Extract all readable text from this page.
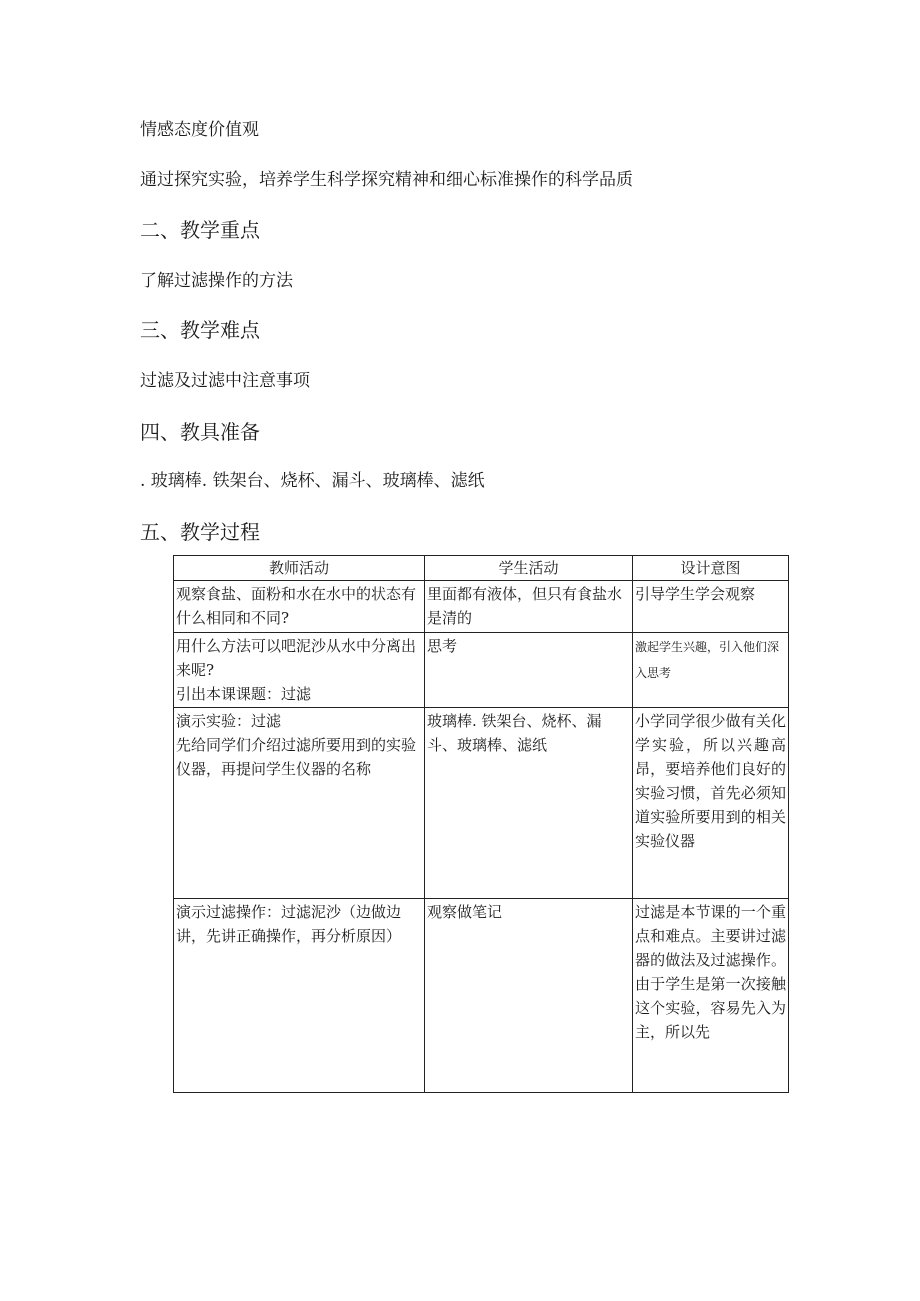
情感态度价值观
通过探究实验，培养学生科学探究精神和细心标准操作的科学品质
二、教学重点
了解过滤操作的方法
三、教学难点
过滤及过滤中注意事项
四、教具准备
. 玻璃棒. 铁架台、烧杯、漏斗、玻璃棒、滤纸
五、教学过程
教师活动	学生活动	设计意图

观察食盐、面粉和水在水中的状态有什么相同和不同?	里面都有液体，但只有食盐水是清的	引导学生学会观察

用什么方法可以吧泥沙从水中分离出来呢?
引出本课课题：过滤	思考	激起学生兴趣，引入他们深入思考

演示实验：过滤
先给同学们介绍过滤所要用到的实验仪器，再提问学生仪器的名称	玻璃棒. 铁架台、烧杯、漏斗、玻璃棒、滤纸	小学同学很少做有关化学实验，所以兴趣高昂，要培养他们良好的实验习惯，首先必须知道实验所要用到的相关实验仪器

演示过滤操作：过滤泥沙（边做边讲，先讲正确操作，再分析原因）	观察做笔记	过滤是本节课的一个重点和难点。主要讲过滤器的做法及过滤操作。由于学生是第一次接触这个实验，容易先入为主，所以先
